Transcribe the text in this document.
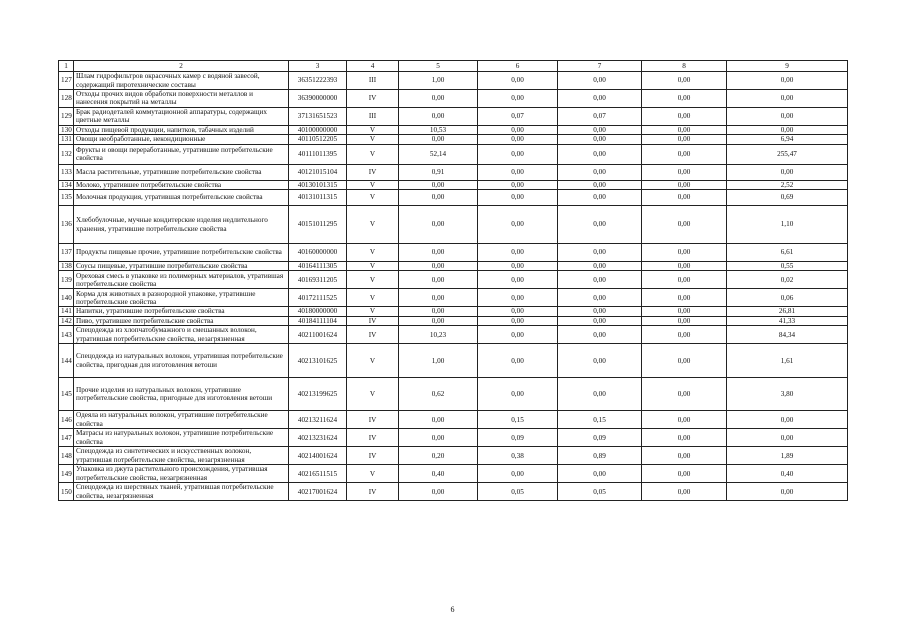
1	2	3	4	5	6	7	8	9
127	Шлам гидрофильтров окрасочных камер с водяной завесой, содержащий пиротехнические составы	36351222393	III	1,00	0,00	0,00	0,00	0,00
128	Отходы прочих видов обработки поверхности металлов и нанесения покрытий на металлы	36390000000	IV	0,00	0,00	0,00	0,00	0,00
129	Брак радиодеталей коммутационной аппаратуры, содержащих цветные металлы	37131651523	III	0,00	0,07	0,07	0,00	0,00
130	Отходы пищевой продукции, напитков, табачных изделий	40100000000	V	10,53	0,00	0,00	0,00	0,00
131	Овощи необработанные, некондиционные	40110512205	V	0,00	0,00	0,00	0,00	6,94
132	Фрукты и овощи переработанные, утратившие потребительские свойства	40111011395	V	52,14	0,00	0,00	0,00	255,47
133	Масла растительные, утратившие потребительские свойства	40121015104	IV	0,91	0,00	0,00	0,00	0,00
134	Молоко, утратившее потребительские свойства	40130101315	V	0,00	0,00	0,00	0,00	2,52
135	Молочная продукция, утратившая потребительские свойства	40131011315	V	0,00	0,00	0,00	0,00	0,69
136	Хлебобулочные, мучные кондитерские изделия недлительного хранения, утратившие потребительские свойства	40151011295	V	0,00	0,00	0,00	0,00	1,10
137	Продукты пищевые прочие, утратившие потребительские свойства	40160000000	V	0,00	0,00	0,00	0,00	6,61
138	Соусы пищевые, утратившие потребительские свойства	40164111305	V	0,00	0,00	0,00	0,00	0,55
139	Ореховая смесь в упаковке из полимерных материалов, утратившая потребительские свойства	40169311205	V	0,00	0,00	0,00	0,00	0,02
140	Корма для животных в разнородной упаковке, утратившие потребительские свойства	40172111525	V	0,00	0,00	0,00	0,00	0,06
141	Напитки, утратившие потребительские свойства	40180000000	V	0,00	0,00	0,00	0,00	26,81
142	Пиво, утратившее потребительские свойства	40184111104	IV	0,00	0,00	0,00	0,00	41,33
143	Спецодежда из хлопчатобумажного и смешанных волокон, утратившая потребительские свойства, незагрязненная	40211001624	IV	10,23	0,00	0,00	0,00	84,34
144	Спецодежда из натуральных волокон, утратившая потребительские свойства, пригодная для изготовления ветоши	40213101625	V	1,00	0,00	0,00	0,00	1,61
145	Прочие изделия из натуральных волокон, утратившие потребительские свойства, пригодные для изготовления ветоши	40213199625	V	0,62	0,00	0,00	0,00	3,80
146	Одеяла из натуральных волокон, утратившие потребительские свойства	40213211624	IV	0,00	0,15	0,15	0,00	0,00
147	Матрасы из натуральных волокон, утратившие потребительские свойства	40213231624	IV	0,00	0,09	0,09	0,00	0,00
148	Спецодежда из синтетических и искусственных волокон, утратившая потребительские свойства, незагрязненная	40214001624	IV	0,20	0,38	0,89	0,00	1,89
149	Упаковка из джута растительного происхождения, утратившая потребительские свойства, незагрязненная	40216511515	V	0,40	0,00	0,00	0,00	0,40
150	Спецодежда из шерстяных тканей, утратившая потребительские свойства, незагрязненная	40217001624	IV	0,00	0,05	0,05	0,00	0,00
6
